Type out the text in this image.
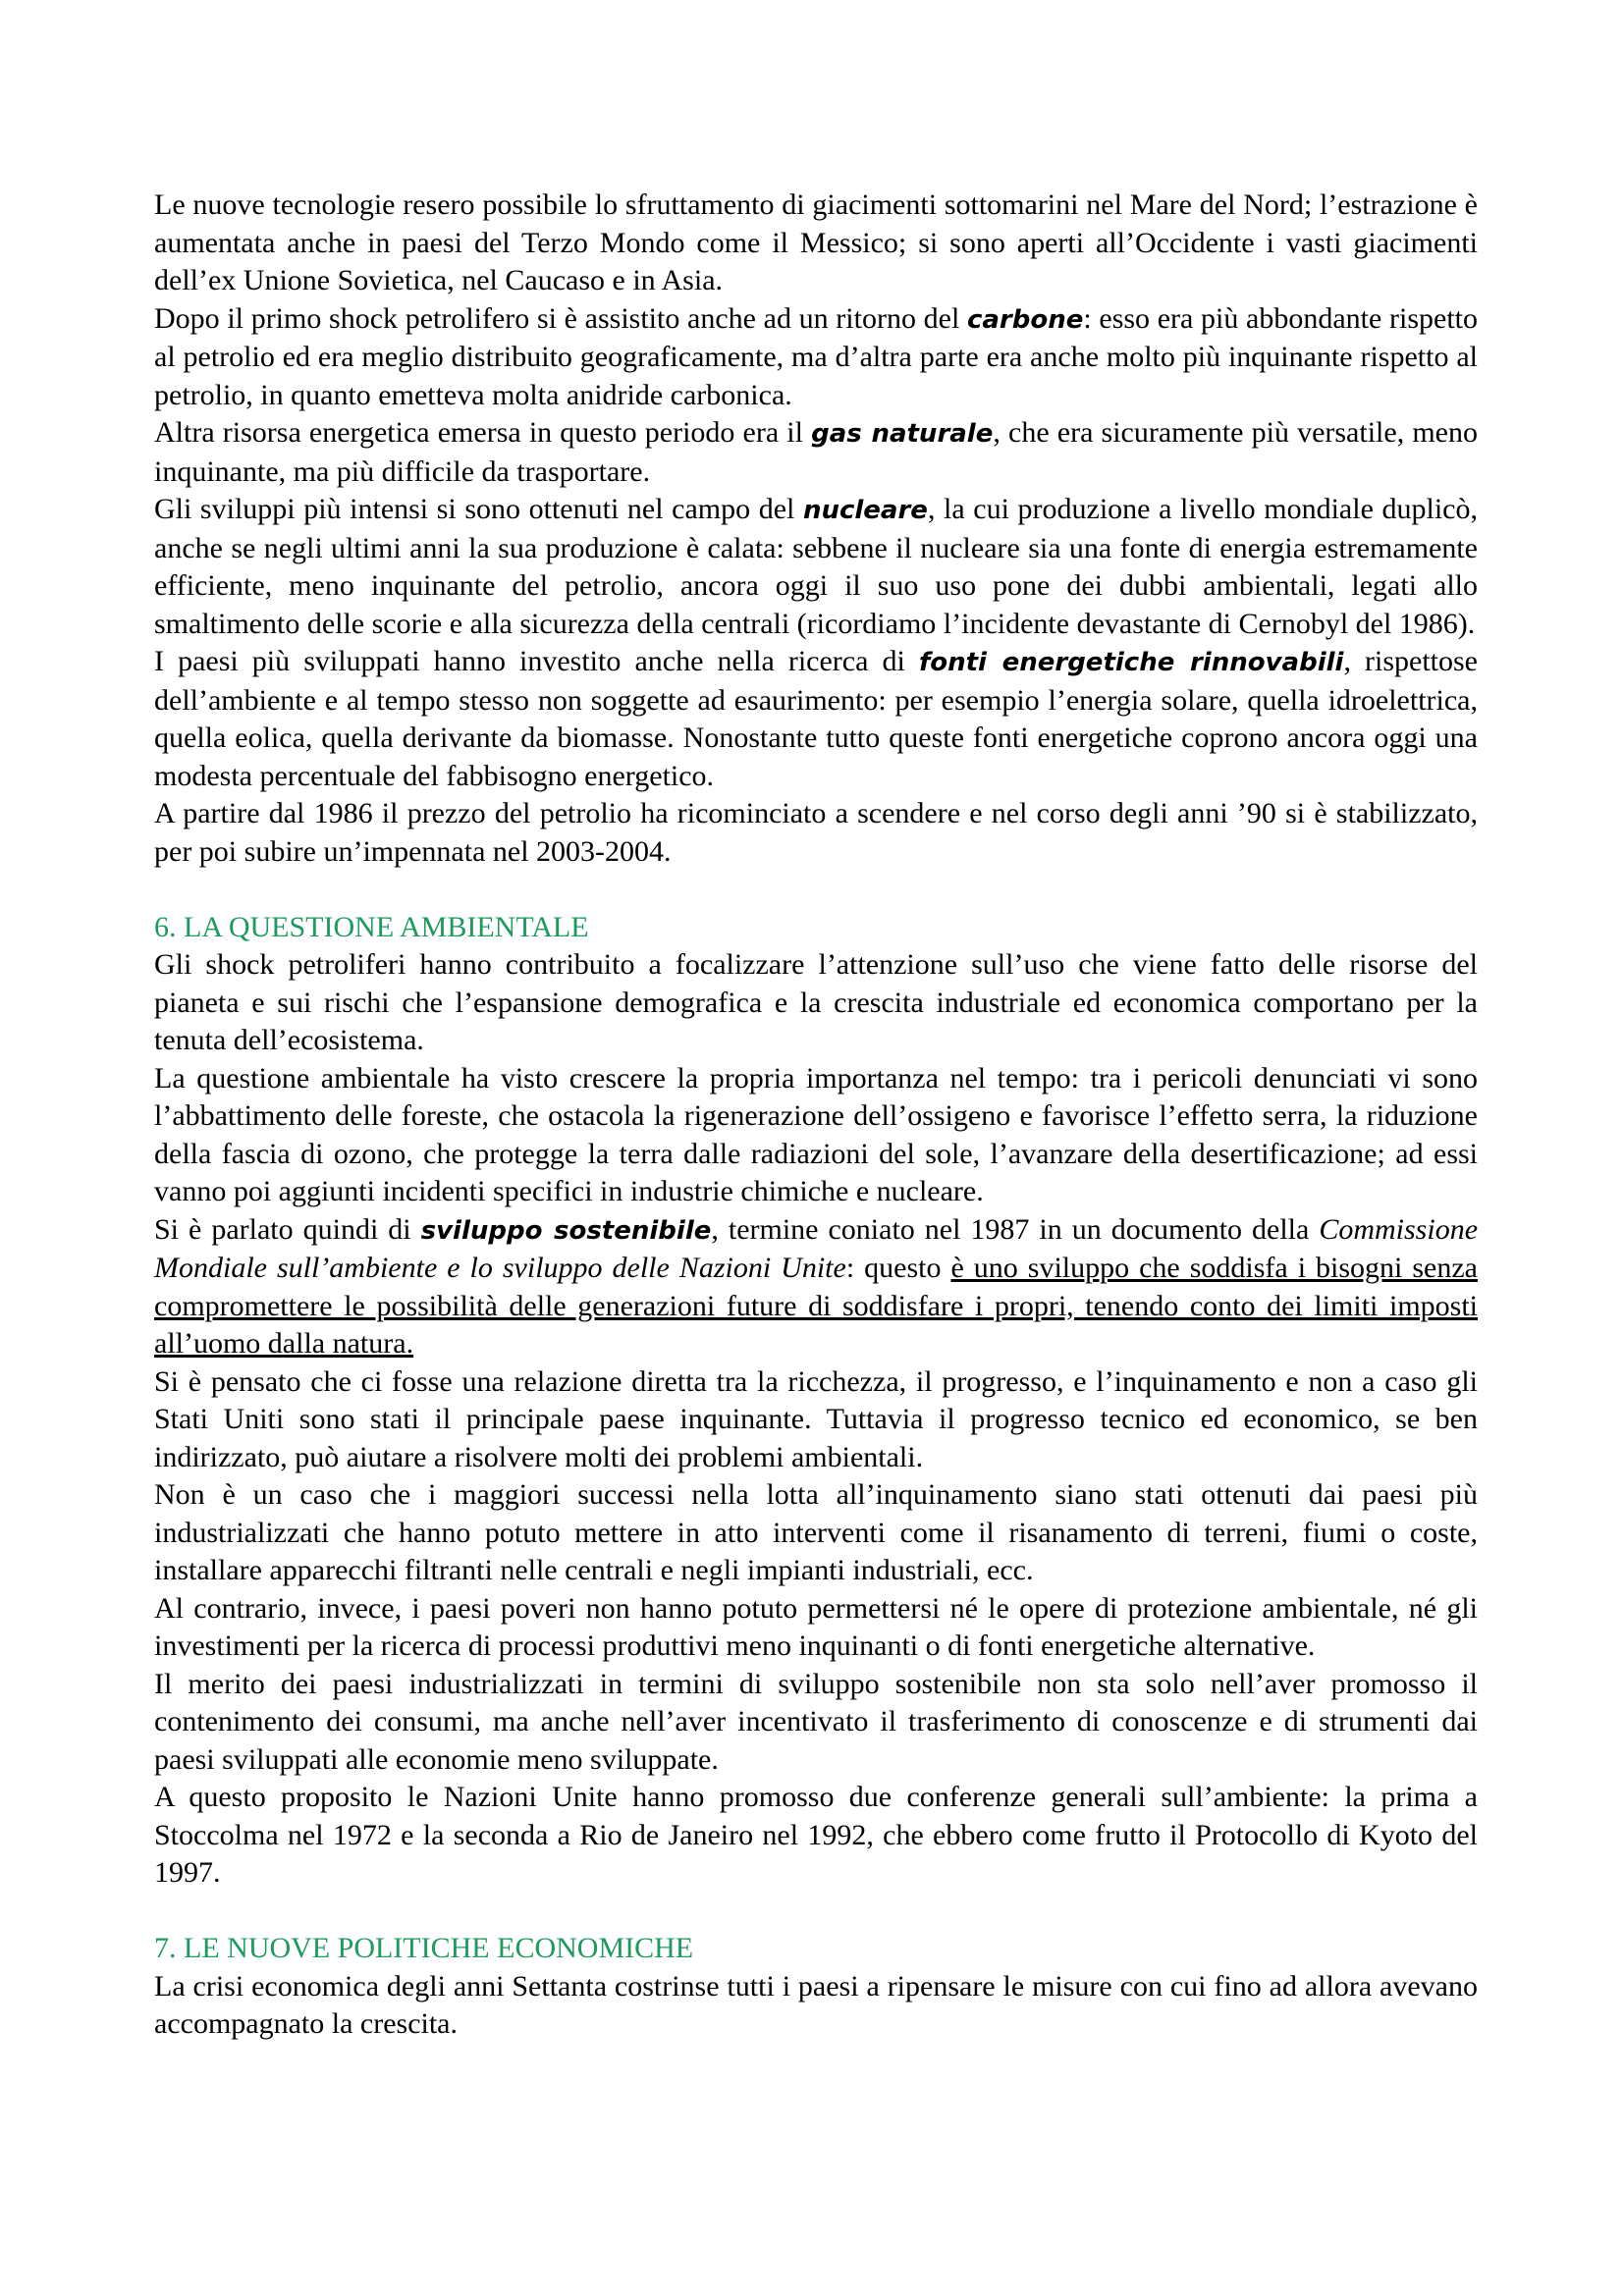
Le nuove tecnologie resero possibile lo sfruttamento di giacimenti sottomarini nel Mare del Nord; l’estrazione è aumentata anche in paesi del Terzo Mondo come il Messico; si sono aperti all’Occidente i vasti giacimenti dell’ex Unione Sovietica, nel Caucaso e in Asia.

Dopo il primo shock petrolifero si è assistito anche ad un ritorno del carbone: esso era più abbondante rispetto al petrolio ed era meglio distribuito geograficamente, ma d’altra parte era anche molto più inquinante rispetto al petrolio, in quanto emetteva molta anidride carbonica.

Altra risorsa energetica emersa in questo periodo era il gas naturale, che era sicuramente più versatile, meno inquinante, ma più difficile da trasportare.

Gli sviluppi più intensi si sono ottenuti nel campo del nucleare, la cui produzione a livello mondiale duplicò, anche se negli ultimi anni la sua produzione è calata: sebbene il nucleare sia una fonte di energia estremamente efficiente, meno inquinante del petrolio, ancora oggi il suo uso pone dei dubbi ambientali, legati allo smaltimento delle scorie e alla sicurezza della centrali (ricordiamo l’incidente devastante di Cernobyl del 1986).

I paesi più sviluppati hanno investito anche nella ricerca di fonti energetiche rinnovabili, rispettose dell’ambiente e al tempo stesso non soggette ad esaurimento: per esempio l’energia solare, quella idroelettrica, quella eolica, quella derivante da biomasse. Nonostante tutto queste fonti energetiche coprono ancora oggi una modesta percentuale del fabbisogno energetico.

A partire dal 1986 il prezzo del petrolio ha ricominciato a scendere e nel corso degli anni ’90 si è stabilizzato, per poi subire un’impennata nel 2003-2004.

6. LA QUESTIONE AMBIENTALE

Gli shock petroliferi hanno contribuito a focalizzare l’attenzione sull’uso che viene fatto delle risorse del pianeta e sui rischi che l’espansione demografica e la crescita industriale ed economica comportano per la tenuta dell’ecosistema.

La questione ambientale ha visto crescere la propria importanza nel tempo: tra i pericoli denunciati vi sono l’abbattimento delle foreste, che ostacola la rigenerazione dell’ossigeno e favorisce l’effetto serra, la riduzione della fascia di ozono, che protegge la terra dalle radiazioni del sole, l’avanzare della desertificazione; ad essi vanno poi aggiunti incidenti specifici in industrie chimiche e nucleare.

Si è parlato quindi di sviluppo sostenibile, termine coniato nel 1987 in un documento della Commissione Mondiale sull’ambiente e lo sviluppo delle Nazioni Unite: questo è uno sviluppo che soddisfa i bisogni senza compromettere le possibilità delle generazioni future di soddisfare i propri, tenendo conto dei limiti imposti all’uomo dalla natura.

Si è pensato che ci fosse una relazione diretta tra la ricchezza, il progresso, e l’inquinamento e non a caso gli Stati Uniti sono stati il principale paese inquinante. Tuttavia il progresso tecnico ed economico, se ben indirizzato, può aiutare a risolvere molti dei problemi ambientali.

Non è un caso che i maggiori successi nella lotta all’inquinamento siano stati ottenuti dai paesi più industrializzati che hanno potuto mettere in atto interventi come il risanamento di terreni, fiumi o coste, installare apparecchi filtranti nelle centrali e negli impianti industriali, ecc.

Al contrario, invece, i paesi poveri non hanno potuto permettersi né le opere di protezione ambientale, né gli investimenti per la ricerca di processi produttivi meno inquinanti o di fonti energetiche alternative.

Il merito dei paesi industrializzati in termini di sviluppo sostenibile non sta solo nell’aver promosso il contenimento dei consumi, ma anche nell’aver incentivato il trasferimento di conoscenze e di strumenti dai paesi sviluppati alle economie meno sviluppate.

A questo proposito le Nazioni Unite hanno promosso due conferenze generali sull’ambiente: la prima a Stoccolma nel 1972 e la seconda a Rio de Janeiro nel 1992, che ebbero come frutto il Protocollo di Kyoto del 1997.

7. LE NUOVE POLITICHE ECONOMICHE

La crisi economica degli anni Settanta costrinse tutti i paesi a ripensare le misure con cui fino ad allora avevano accompagnato la crescita.
